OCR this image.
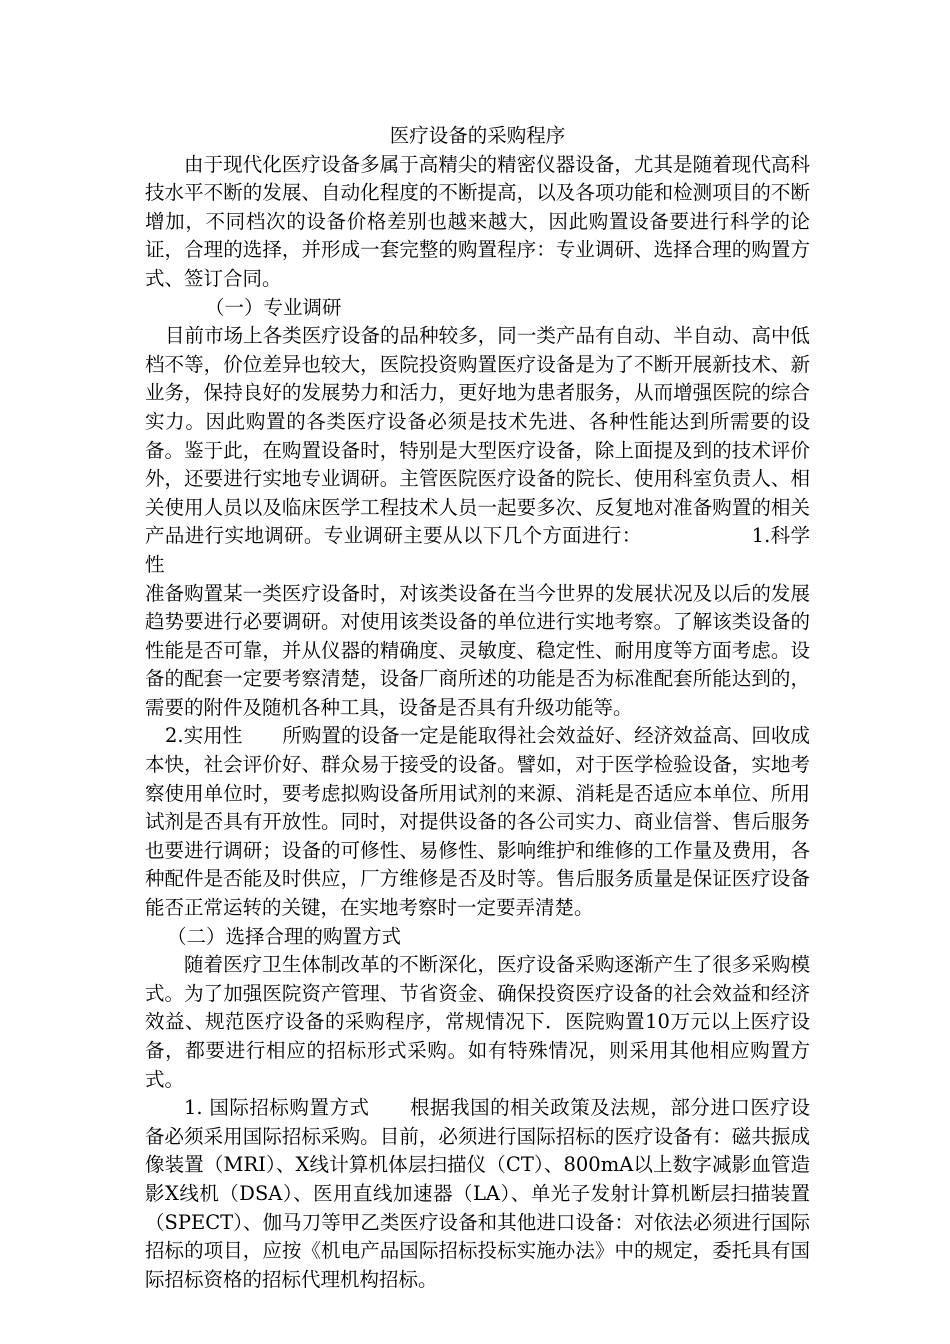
医疗设备的采购程序

由于现代化医疗设备多属于高精尖的精密仪器设备，尤其是随着现代高科技水平不断的发展、自动化程度的不断提高，以及各项功能和检测项目的不断增加，不同档次的设备价格差别也越来越大，因此购置设备要进行科学的论证，合理的选择，并形成一套完整的购置程序：专业调研、选择合理的购置方式、签订合同。

（一）专业调研

目前市场上各类医疗设备的品种较多，同一类产品有自动、半自动、高中低档不等，价位差异也较大，医院投资购置医疗设备是为了不断开展新技术、新业务，保持良好的发展势力和活力，更好地为患者服务，从而增强医院的综合实力。因此购置的各类医疗设备必须是技术先进、各种性能达到所需要的设备。鉴于此，在购置设备时，特别是大型医疗设备，除上面提及到的技术评价外，还要进行实地专业调研。主管医院医疗设备的院长、使用科室负责人、相关使用人员以及临床医学工程技术人员一起要多次、反复地对准备购置的相关产品进行实地调研。专业调研主要从以下几个方面进行：	1.科学性

准备购置某一类医疗设备时，对该类设备在当今世界的发展状况及以后的发展趋势要进行必要调研。对使用该类设备的单位进行实地考察。了解该类设备的性能是否可靠，并从仪器的精确度、灵敏度、稳定性、耐用度等方面考虑。设备的配套一定要考察清楚，设备厂商所述的功能是否为标准配套所能达到的，需要的附件及随机各种工具，设备是否具有升级功能等。

2.实用性 所购置的设备一定是能取得社会效益好、经济效益高、回收成本快，社会评价好、群众易于接受的设备。譬如，对于医学检验设备，实地考察使用单位时，要考虑拟购设备所用试剂的来源、消耗是否适应本单位、所用试剂是否具有开放性。同时，对提供设备的各公司实力、商业信誉、售后服务也要进行调研；设备的可修性、易修性、影响维护和维修的工作量及费用，各种配件是否能及时供应，厂方维修是否及时等。售后服务质量是保证医疗设备能否正常运转的关键，在实地考察时一定要弄清楚。

（二）选择合理的购置方式

随着医疗卫生体制改革的不断深化，医疗设备采购逐渐产生了很多采购模式。为了加强医院资产管理、节省资金、确保投资医疗设备的社会效益和经济效益、规范医疗设备的采购程序，常规情况下．医院购置10万元以上医疗设备，都要进行相应的招标形式采购。如有特殊情况，则采用其他相应购置方式。

1. 国际招标购置方式 根据我国的相关政策及法规，部分进口医疗设备必须采用国际招标采购。目前，必须进行国际招标的医疗设备有：磁共振成像装置（MRI）、X线计算机体层扫描仪（CT）、800mA以上数字减影血管造影X线机（DSA）、医用直线加速器（LA）、单光子发射计算机断层扫描装置（SPECT）、伽马刀等甲乙类医疗设备和其他进口设备：对依法必须进行国际招标的项目，应按《机电产品国际招标投标实施办法》中的规定，委托具有国际招标资格的招标代理机构招标。
